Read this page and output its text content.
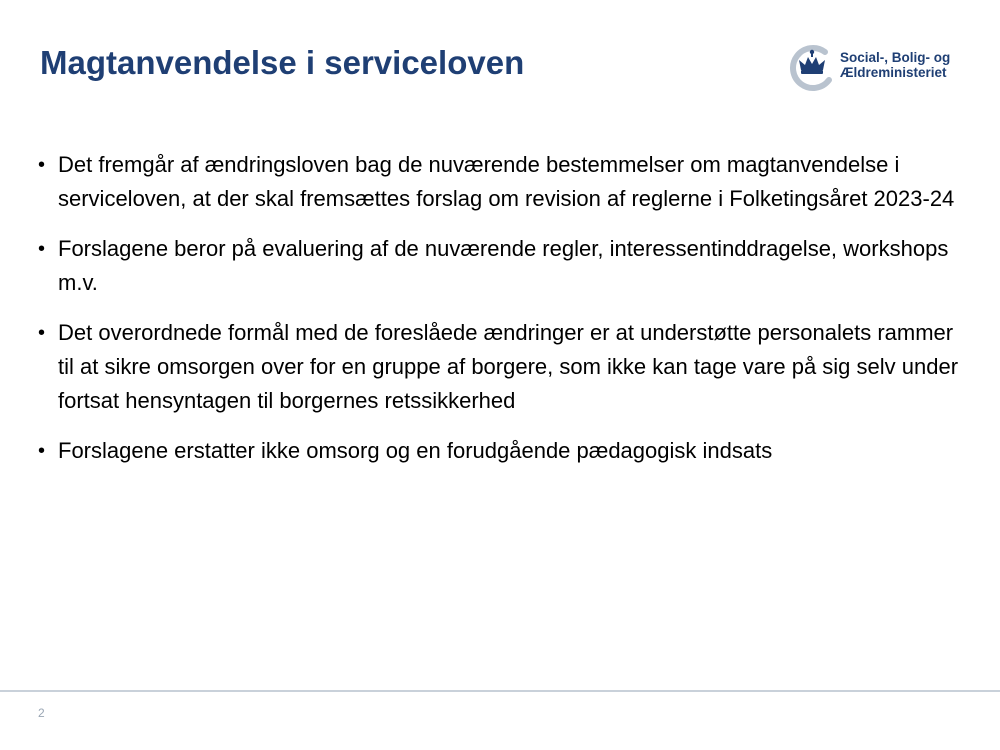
Magtanvendelse i serviceloven	Social-, Bolig- og
Ældreministeriet
• Det fremgår af ændringsloven bag de nuværende bestemmelser om magtanvendelse i serviceloven, at der skal fremsættes forslag om revision af reglerne i Folketingsåret 2023-24
• Forslagene beror på evaluering af de nuværende regler, interessentinddragelse, workshops m.v.
• Det overordnede formål med de foreslåede ændringer er at understøtte personalets rammer til at sikre omsorgen over for en gruppe af borgere, som ikke kan tage vare på sig selv under fortsat hensyntagen til borgernes retssikkerhed
• Forslagene erstatter ikke omsorg og en forudgående pædagogisk indsats
2
